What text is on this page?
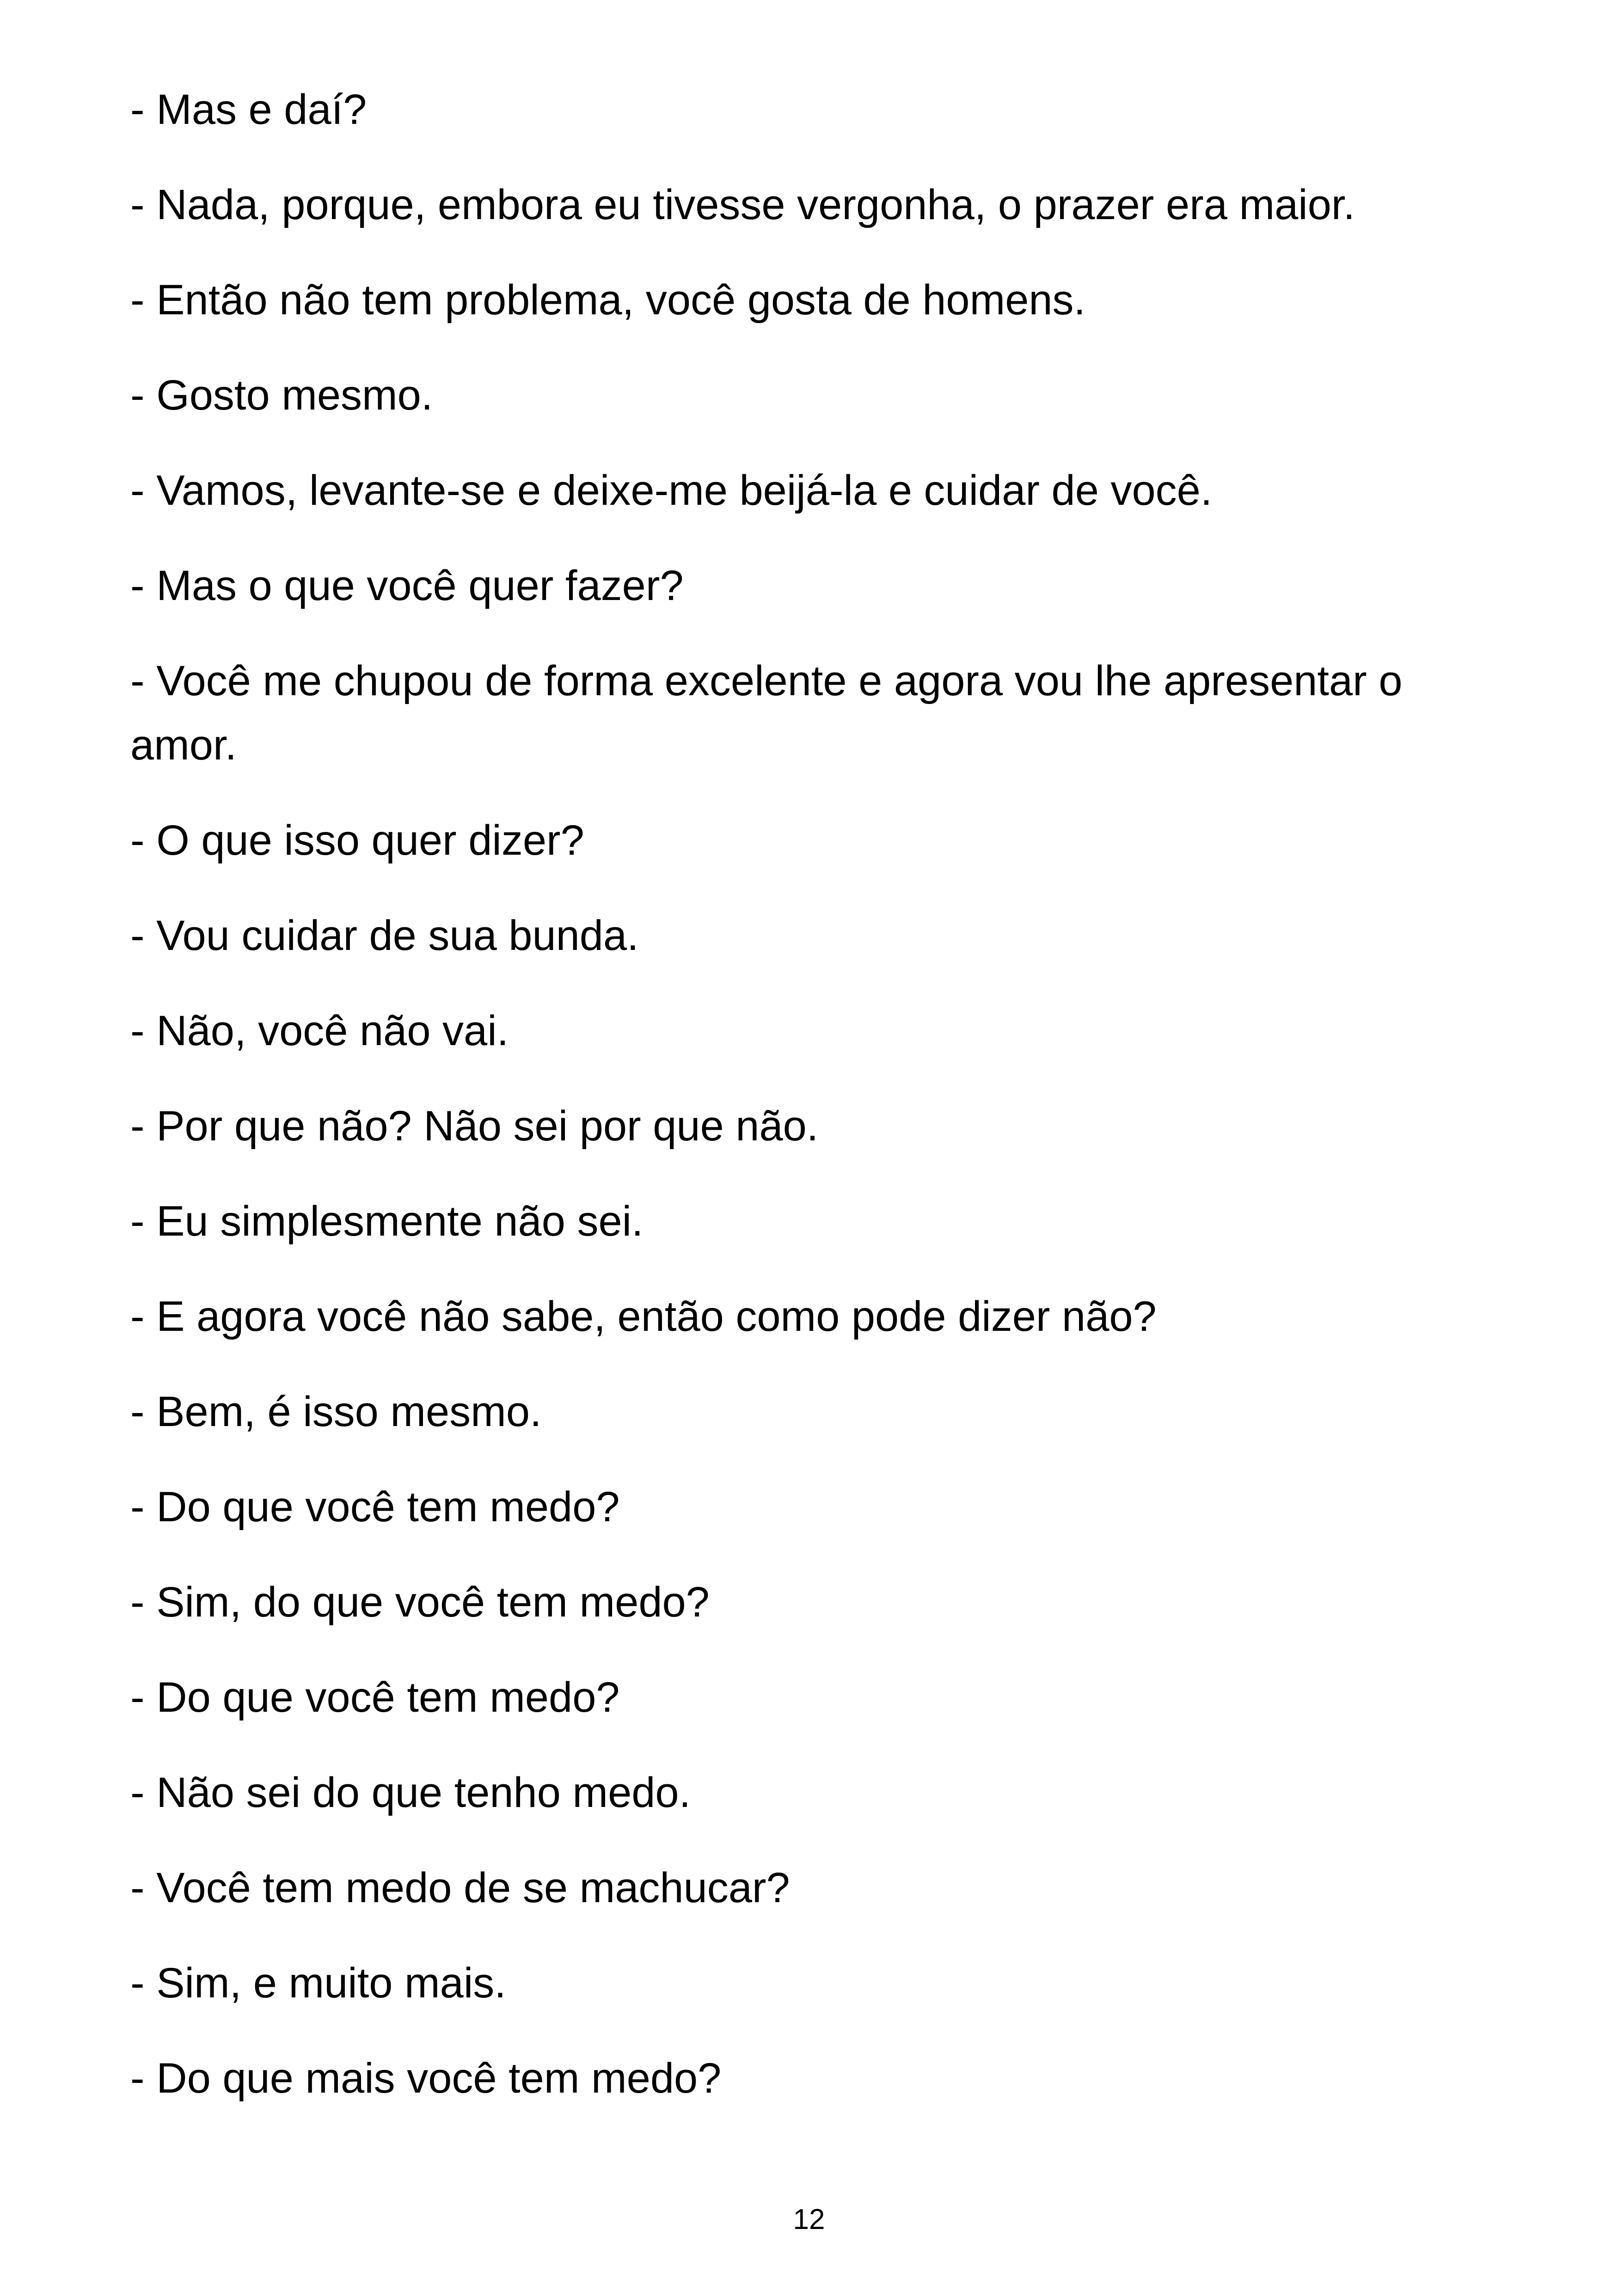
- Mas e daí?

- Nada, porque, embora eu tivesse vergonha, o prazer era maior.

- Então não tem problema, você gosta de homens.

- Gosto mesmo.

- Vamos, levante-se e deixe-me beijá-la e cuidar de você.

- Mas o que você quer fazer?

- Você me chupou de forma excelente e agora vou lhe apresentar o amor.

- O que isso quer dizer?

- Vou cuidar de sua bunda.

- Não, você não vai.

- Por que não? Não sei por que não.

- Eu simplesmente não sei.

- E agora você não sabe, então como pode dizer não?

- Bem, é isso mesmo.

- Do que você tem medo?

- Sim, do que você tem medo?

- Do que você tem medo?

- Não sei do que tenho medo.

- Você tem medo de se machucar?

- Sim, e muito mais.

- Do que mais você tem medo?

12
